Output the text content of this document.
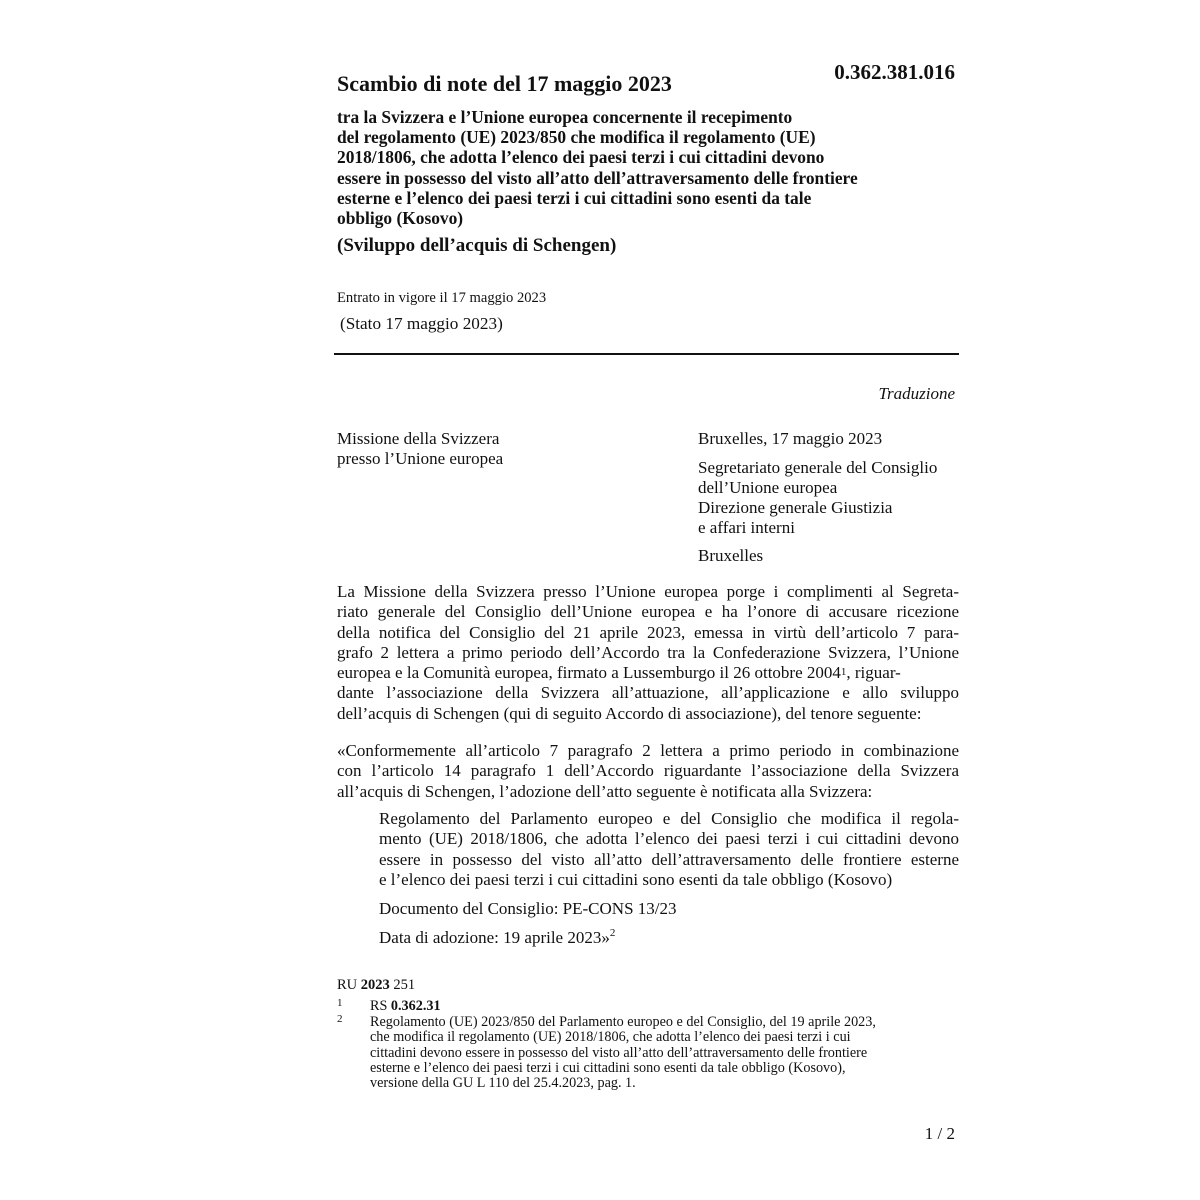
0.362.381.016
Scambio di note del 17 maggio 2023
tra la Svizzera e l’Unione europea concernente il recepimento
del regolamento (UE) 2023/850 che modifica il regolamento (UE)
2018/1806, che adotta l’elenco dei paesi terzi i cui cittadini devono
essere in possesso del visto all’atto dell’attraversamento delle frontiere
esterne e l’elenco dei paesi terzi i cui cittadini sono esenti da tale
obbligo (Kosovo)
(Sviluppo dell’acquis di Schengen)
Entrato in vigore il 17 maggio 2023
(Stato 17 maggio 2023)
Traduzione
Missione della Svizzera
presso l’Unione europea
Bruxelles, 17 maggio 2023
Segretariato generale del Consiglio
dell’Unione europea
Direzione generale Giustizia
e affari interni
Bruxelles
La Missione della Svizzera presso l’Unione europea porge i complimenti al Segreta-
riato generale del Consiglio dell’Unione europea e ha l’onore di accusare ricezione
della notifica del Consiglio del 21 aprile 2023, emessa in virtù dell’articolo 7 para-
grafo 2 lettera a primo periodo dell’Accordo tra la Confederazione Svizzera, l’Unione
europea e la Comunità europea, firmato a Lussemburgo il 26 ottobre 2004$^1$, riguar-
dante l’associazione della Svizzera all’attuazione, all’applicazione e allo sviluppo
dell’acquis di Schengen (qui di seguito Accordo di associazione), del tenore seguente:
«Conformemente all’articolo 7 paragrafo 2 lettera a primo periodo in combinazione
con l’articolo 14 paragrafo 1 dell’Accordo riguardante l’associazione della Svizzera
all’acquis di Schengen, l’adozione dell’atto seguente è notificata alla Svizzera:
Regolamento del Parlamento europeo e del Consiglio che modifica il regola-
mento (UE) 2018/1806, che adotta l’elenco dei paesi terzi i cui cittadini devono
essere in possesso del visto all’atto dell’attraversamento delle frontiere esterne
e l’elenco dei paesi terzi i cui cittadini sono esenti da tale obbligo (Kosovo)
Documento del Consiglio: PE-CONS 13/23
Data di adozione: 19 aprile 2023»$^2$
RU 2023 251
1 RS 0.362.31
2 Regolamento (UE) 2023/850 del Parlamento europeo e del Consiglio, del 19 aprile 2023,
che modifica il regolamento (UE) 2018/1806, che adotta l’elenco dei paesi terzi i cui
cittadini devono essere in possesso del visto all’atto dell’attraversamento delle frontiere
esterne e l’elenco dei paesi terzi i cui cittadini sono esenti da tale obbligo (Kosovo),
versione della GU L 110 del 25.4.2023, pag. 1.
1 / 2
